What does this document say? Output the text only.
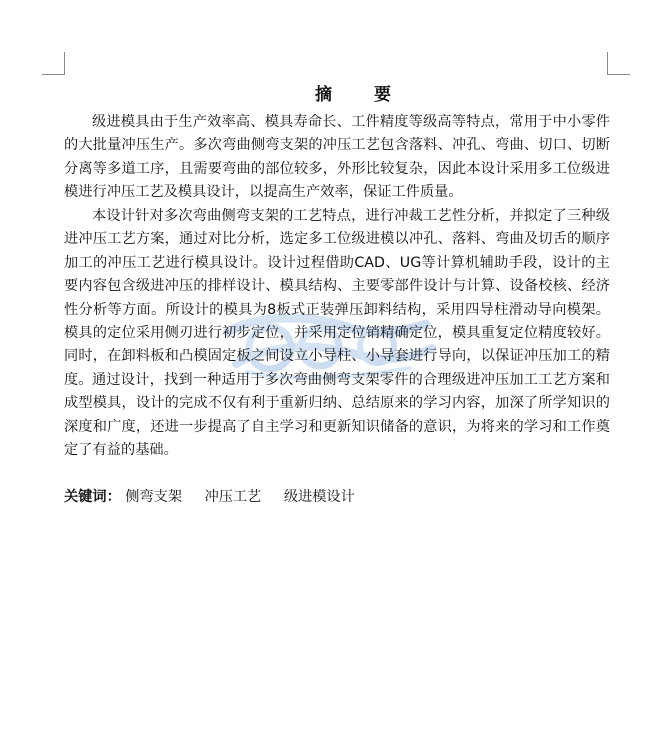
摘 要

级进模具由于生产效率高、模具寿命长、工件精度等级高等特点，常用于中小零件的大批量冲压生产。多次弯曲侧弯支架的冲压工艺包含落料、冲孔、弯曲、切口、切断分离等多道工序，且需要弯曲的部位较多，外形比较复杂，因此本设计采用多工位级进模进行冲压工艺及模具设计，以提高生产效率，保证工件质量。

本设计针对多次弯曲侧弯支架的工艺特点，进行冲裁工艺性分析，并拟定了三种级进冲压工艺方案，通过对比分析，选定多工位级进模以冲孔、落料、弯曲及切舌的顺序加工的冲压工艺进行模具设计。设计过程借助CAD、UG等计算机辅助手段，设计的主要内容包含级进冲压的排样设计、模具结构、主要零部件设计与计算、设备校核、经济性分析等方面。所设计的模具为8板式正装弹压卸料结构，采用四导柱滑动导向模架。模具的定位采用侧刃进行初步定位，并采用定位销精确定位，模具重复定位精度较好。同时，在卸料板和凸模固定板之间设立小导柱、小导套进行导向，以保证冲压加工的精度。 通过设计，找到一种适用于多次弯曲侧弯支架零件的合理级进冲压加工工艺方案和成型模具，设计的完成不仅有利于重新归纳、总结原来的学习内容，加深了所学知识的深度和广度，还进一步提高了自主学习和更新知识储备的意识，为将来的学习和工作奠定了有益的基础。

关键词： 侧弯支架 冲压工艺 级进模设计
